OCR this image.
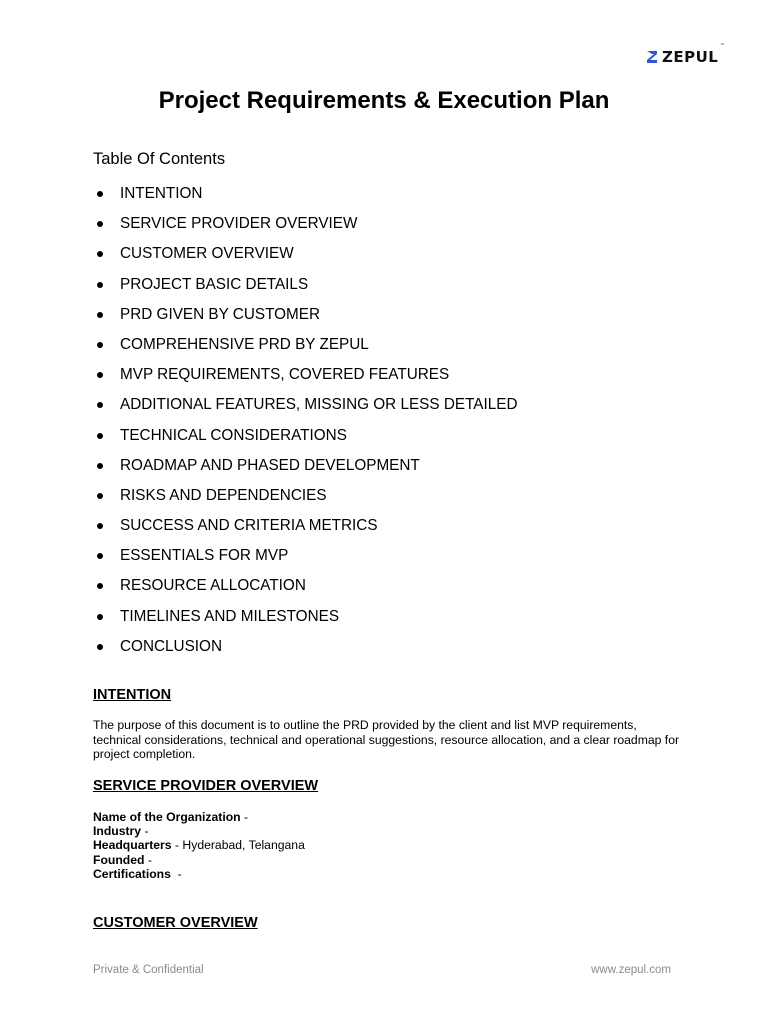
ZEPUL
™
Project Requirements & Execution Plan
Table Of Contents
INTENTION
SERVICE PROVIDER OVERVIEW
CUSTOMER OVERVIEW
PROJECT BASIC DETAILS
PRD GIVEN BY CUSTOMER
COMPREHENSIVE PRD BY ZEPUL
MVP REQUIREMENTS, COVERED FEATURES
ADDITIONAL FEATURES, MISSING OR LESS DETAILED
TECHNICAL CONSIDERATIONS
ROADMAP AND PHASED DEVELOPMENT
RISKS AND DEPENDENCIES
SUCCESS AND CRITERIA METRICS
ESSENTIALS FOR MVP
RESOURCE ALLOCATION
TIMELINES AND MILESTONES
CONCLUSION
INTENTION

The purpose of this document is to outline the PRD provided by the client and list MVP requirements, technical considerations, technical and operational suggestions, resource allocation, and a clear roadmap for project completion.

SERVICE PROVIDER OVERVIEW
Name of the Organization -
Industry -
Headquarters - Hyderabad, Telangana
Founded -
Certifications  -
CUSTOMER OVERVIEW
Private & Confidential	www.zepul.com
